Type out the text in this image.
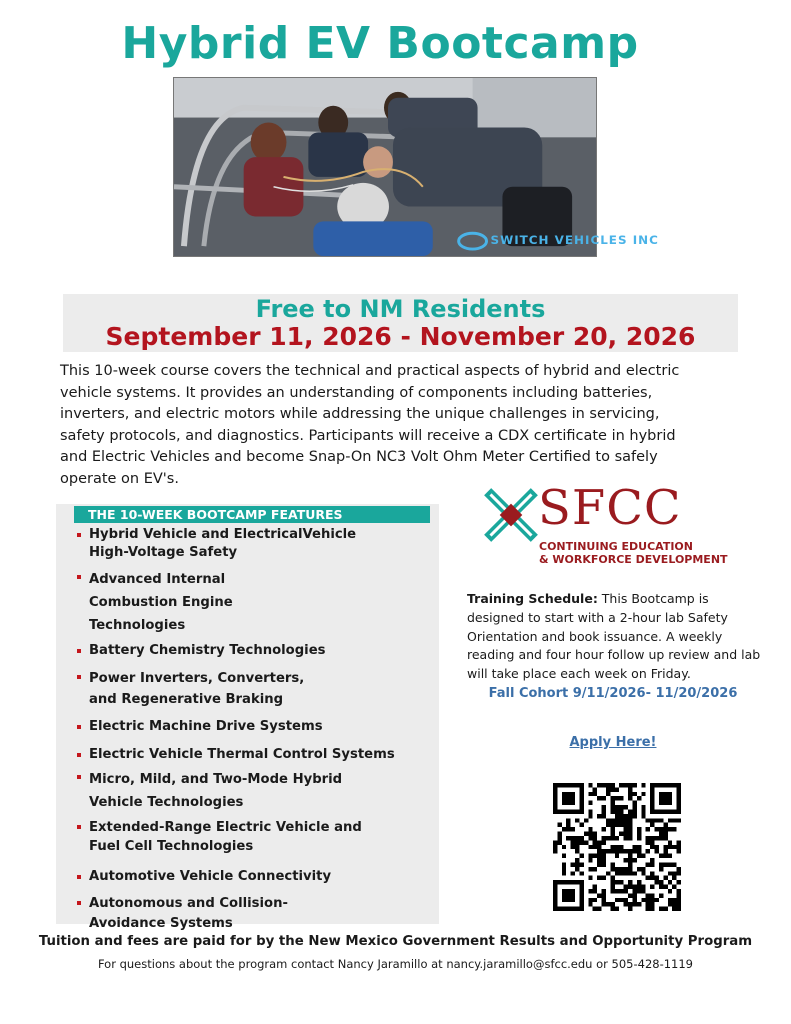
Hybrid EV Bootcamp
SWITCH VEHICLES INC
Free to NM Residents
September 11, 2026 - November 20, 2026

This 10-week course covers the technical and practical aspects of hybrid and electric vehicle systems. It provides an understanding of components including batteries, inverters, and electric motors while addressing the unique challenges in servicing, safety protocols, and diagnostics. Participants will receive a CDX certificate in hybrid and Electric Vehicles and become Snap-On NC3 Volt Ohm Meter Certified to safely operate on EV's.

THE 10-WEEK BOOTCAMP FEATURES
Hybrid Vehicle and ElectricalVehicle High-Voltage Safety
Advanced Internal Combustion Engine Technologies
Battery Chemistry Technologies
Power Inverters, Converters, and Regenerative Braking
Electric Machine Drive Systems
Electric Vehicle Thermal Control Systems
Micro, Mild, and Two-Mode Hybrid Vehicle Technologies
Extended-Range Electric Vehicle and Fuel Cell Technologies
Automotive Vehicle Connectivity
Autonomous and Collision-Avoidance Systems
SFCC
CONTINUING EDUCATION
& WORKFORCE DEVELOPMENT

Training Schedule: This Bootcamp is designed to start with a 2-hour lab Safety Orientation and book issuance. A weekly reading and four hour follow up review and lab will take place each week on Friday.

Fall Cohort 9/11/2026- 11/20/2026
Apply Here!
Tuition and fees are paid for by the New Mexico Government Results and Opportunity Program
For questions about the program contact Nancy Jaramillo at nancy.jaramillo@sfcc.edu or 505-428-1119
